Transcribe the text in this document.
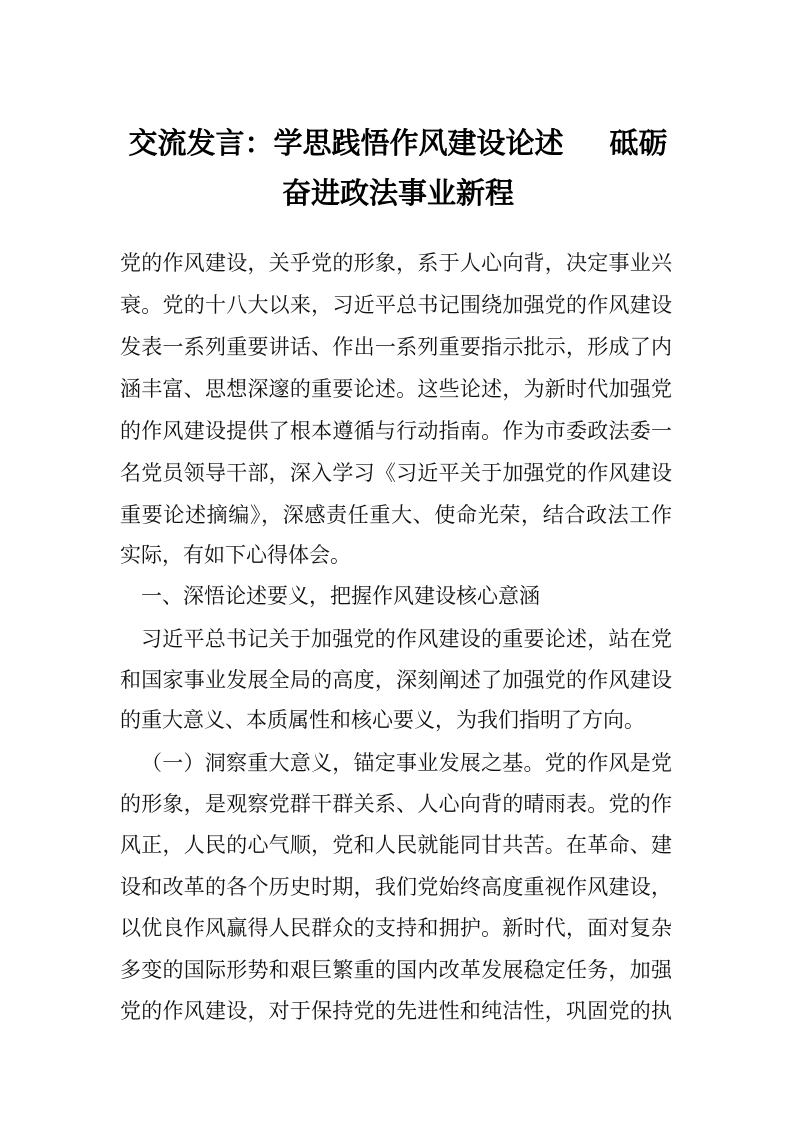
交流发言：学思践悟作风建设论述 砥砺
奋进政法事业新程
党的作风建设，关乎党的形象，系于人心向背，决定事业兴
衰。党的十八大以来，习近平总书记围绕加强党的作风建设
发表一系列重要讲话、作出一系列重要指示批示，形成了内
涵丰富、思想深邃的重要论述。这些论述，为新时代加强党
的作风建设提供了根本遵循与行动指南。作为市委政法委一
名党员领导干部，深入学习《习近平关于加强党的作风建设
重要论述摘编》，深感责任重大、使命光荣，结合政法工作
实际，有如下心得体会。
一、深悟论述要义，把握作风建设核心意涵
习近平总书记关于加强党的作风建设的重要论述，站在党
和国家事业发展全局的高度，深刻阐述了加强党的作风建设
的重大意义、本质属性和核心要义，为我们指明了方向。
（一）洞察重大意义，锚定事业发展之基。党的作风是党
的形象，是观察党群干群关系、人心向背的晴雨表。党的作
风正，人民的心气顺，党和人民就能同甘共苦。在革命、建
设和改革的各个历史时期，我们党始终高度重视作风建设，
以优良作风赢得人民群众的支持和拥护。新时代，面对复杂
多变的国际形势和艰巨繁重的国内改革发展稳定任务，加强
党的作风建设，对于保持党的先进性和纯洁性，巩固党的执
